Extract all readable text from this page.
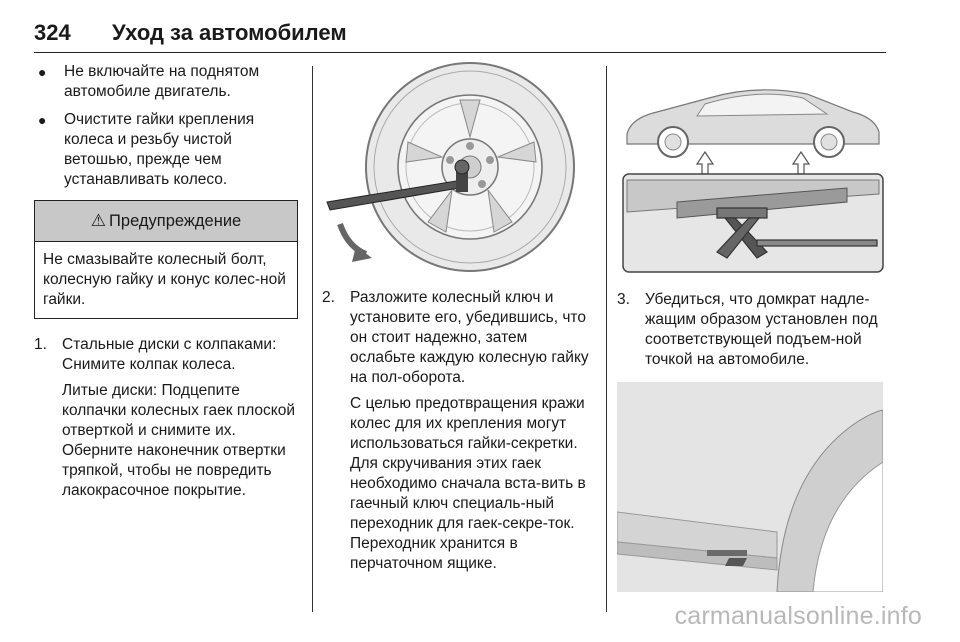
324 Уход за автомобилем
● Не включайте на поднятом автомобиле двигатель.
● Очистите гайки крепления колеса и резьбу чистой ветошью, прежде чем устанавливать колесо.
⚠ Предупреждение
Не смазывайте колесный болт, колесную гайку и конус колес-ной гайки.
1. Стальные диски с колпаками: Снимите колпак колеса.
Литые диски: Подцепите колпачки колесных гаек плоской отверткой и снимите их. Оберните наконечник отвертки тряпкой, чтобы не повредить лакокрасочное покрытие.
2. Разложите колесный ключ и установите его, убедившись, что он стоит надежно, затем ослабьте каждую колесную гайку на пол-оборота.
С целью предотвращения кражи колес для их крепления могут использоваться гайки-секретки. Для скручивания этих гаек необходимо сначала вста-вить в гаечный ключ специаль-ный переходник для гаек-секре-ток. Переходник хранится в перчаточном ящике.
3. Убедиться, что домкрат надле-жащим образом установлен под соответствующей подъем-ной точкой на автомобиле.
carmanualsonline.info
